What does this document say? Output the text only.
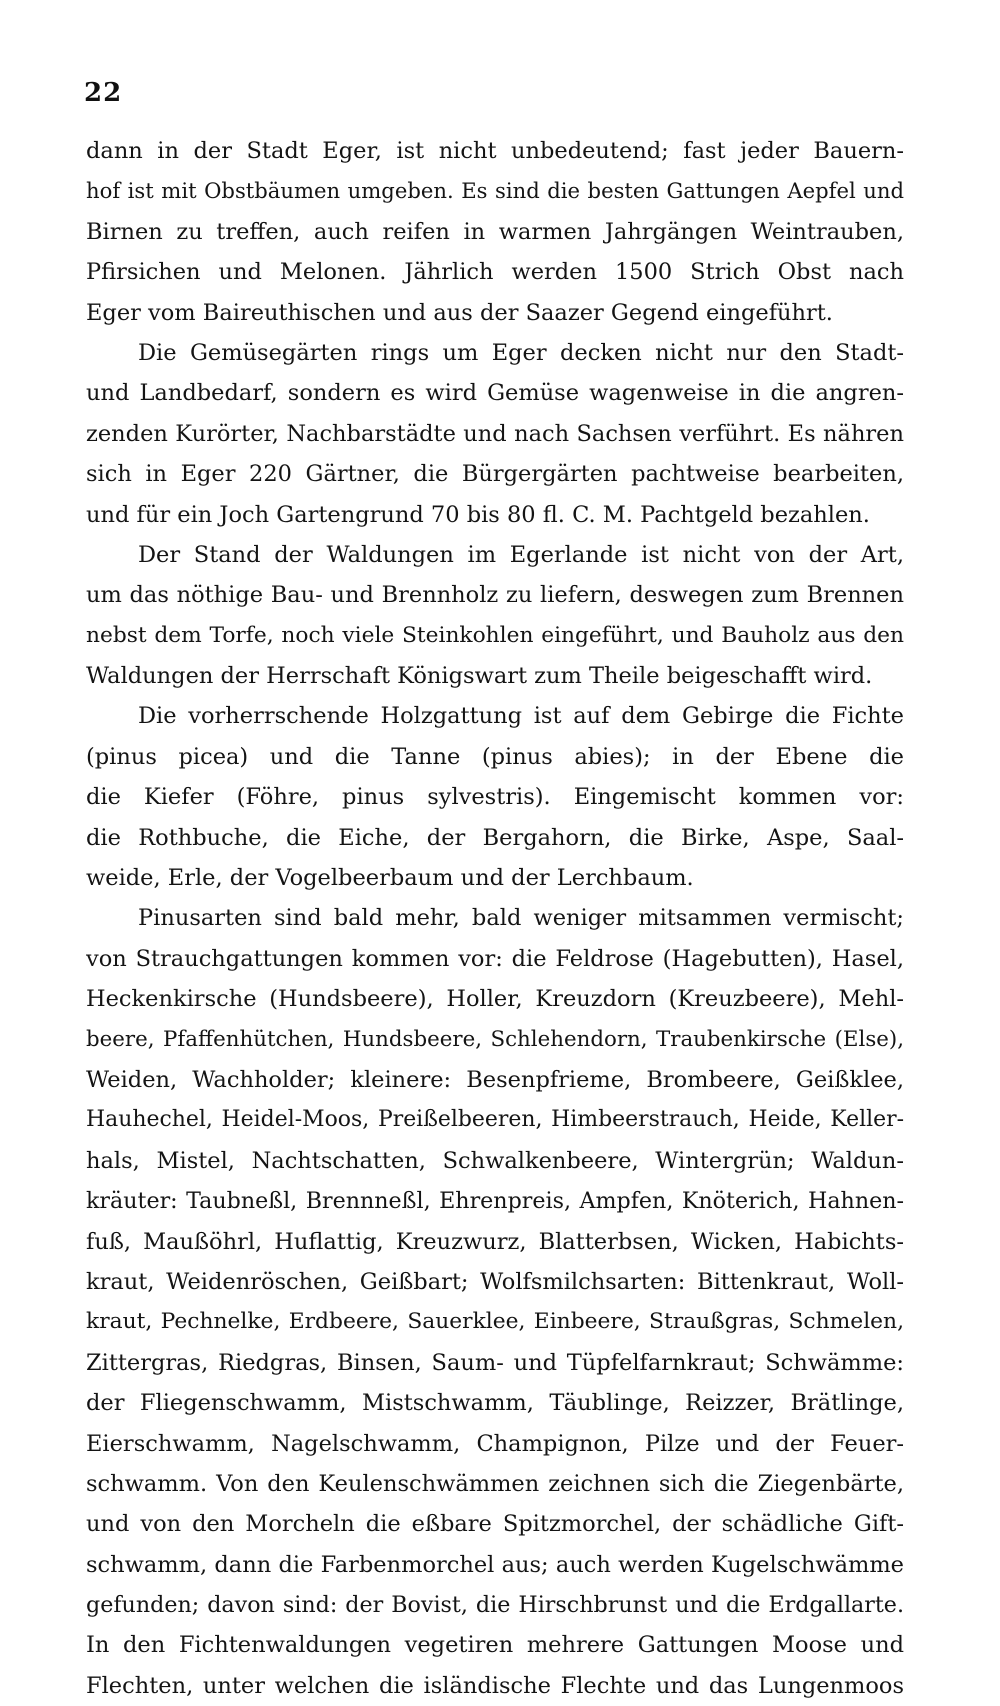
22
dann in der Stadt Eger, ist nicht unbedeutend; fast jeder Bauern-
hof ist mit Obstbäumen umgeben. Es sind die besten Gattungen Aepfel und
Birnen zu treffen, auch reifen in warmen Jahrgängen Weintrauben,
Pfirsichen und Melonen. Jährlich werden 1500 Strich Obst nach
Eger vom Baireuthischen und aus der Saazer Gegend eingeführt.
Die Gemüsegärten rings um Eger decken nicht nur den Stadt-
und Landbedarf, sondern es wird Gemüse wagenweise in die angren-
zenden Kurörter, Nachbarstädte und nach Sachsen verführt. Es nähren
sich in Eger 220 Gärtner, die Bürgergärten pachtweise bearbeiten,
und für ein Joch Gartengrund 70 bis 80 fl. C. M. Pachtgeld bezahlen.
Der Stand der Waldungen im Egerlande ist nicht von der Art,
um das nöthige Bau- und Brennholz zu liefern, deswegen zum Brennen
nebst dem Torfe, noch viele Steinkohlen eingeführt, und Bauholz aus den
Waldungen der Herrschaft Königswart zum Theile beigeschafft wird.
Die vorherrschende Holzgattung ist auf dem Gebirge die Fichte
(pinus picea) und die Tanne (pinus abies); in der Ebene die
die Kiefer (Föhre, pinus sylvestris). Eingemischt kommen vor:
die Rothbuche, die Eiche, der Bergahorn, die Birke, Aspe, Saal-
weide, Erle, der Vogelbeerbaum und der Lerchbaum.
Pinusarten sind bald mehr, bald weniger mitsammen vermischt;
von Strauchgattungen kommen vor: die Feldrose (Hagebutten), Hasel,
Heckenkirsche (Hundsbeere), Holler, Kreuzdorn (Kreuzbeere), Mehl-
beere, Pfaffenhütchen, Hundsbeere, Schlehendorn, Traubenkirsche (Else),
Weiden, Wachholder; kleinere: Besenpfrieme, Brombeere, Geißklee,
Hauhechel, Heidel-Moos, Preißelbeeren, Himbeerstrauch, Heide, Keller-
hals, Mistel, Nachtschatten, Schwalkenbeere, Wintergrün; Waldun-
kräuter: Taubneßl, Brennneßl, Ehrenpreis, Ampfen, Knöterich, Hahnen-
fuß, Maußöhrl, Huflattig, Kreuzwurz, Blatterbsen, Wicken, Habichts-
kraut, Weidenröschen, Geißbart; Wolfsmilchsarten: Bittenkraut, Woll-
kraut, Pechnelke, Erdbeere, Sauerklee, Einbeere, Straußgras, Schmelen,
Zittergras, Riedgras, Binsen, Saum- und Tüpfelfarnkraut; Schwämme:
der Fliegenschwamm, Mistschwamm, Täublinge, Reizzer, Brätlinge,
Eierschwamm, Nagelschwamm, Champignon, Pilze und der Feuer-
schwamm. Von den Keulenschwämmen zeichnen sich die Ziegenbärte,
und von den Morcheln die eßbare Spitzmorchel, der schädliche Gift-
schwamm, dann die Farbenmorchel aus; auch werden Kugelschwämme
gefunden; davon sind: der Bovist, die Hirschbrunst und die Erdgallarte.
In den Fichtenwaldungen vegetiren mehrere Gattungen Moose und
Flechten, unter welchen die isländische Flechte und das Lungenmoos
